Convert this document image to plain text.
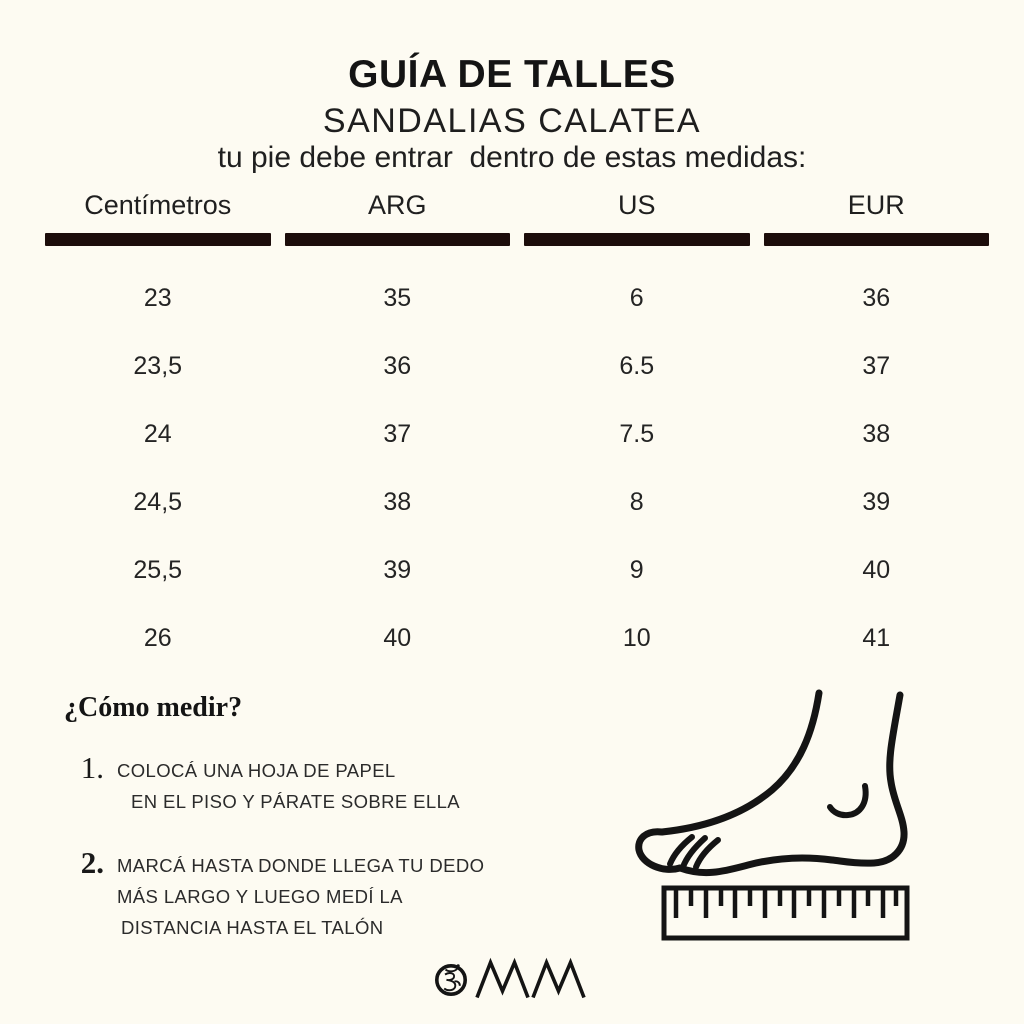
GUÍA DE TALLES
SANDALIAS CALATEA

tu pie debe entrar  dentro de estas medidas:

Centímetros	ARG	US	EUR
23	35	6	36
23,5	36	6.5	37
24	37	7.5	38
24,5	38	8	39
25,5	39	9	40
26	40	10	41
¿Cómo medir?
1. COLOCÁ UNA HOJA DE PAPEL
EN EL PISO Y PÁRATE SOBRE ELLA
2. MARCÁ HASTA DONDE LLEGA TU DEDO
MÁS LARGO Y LUEGO MEDÍ LA
DISTANCIA HASTA EL TALÓN
